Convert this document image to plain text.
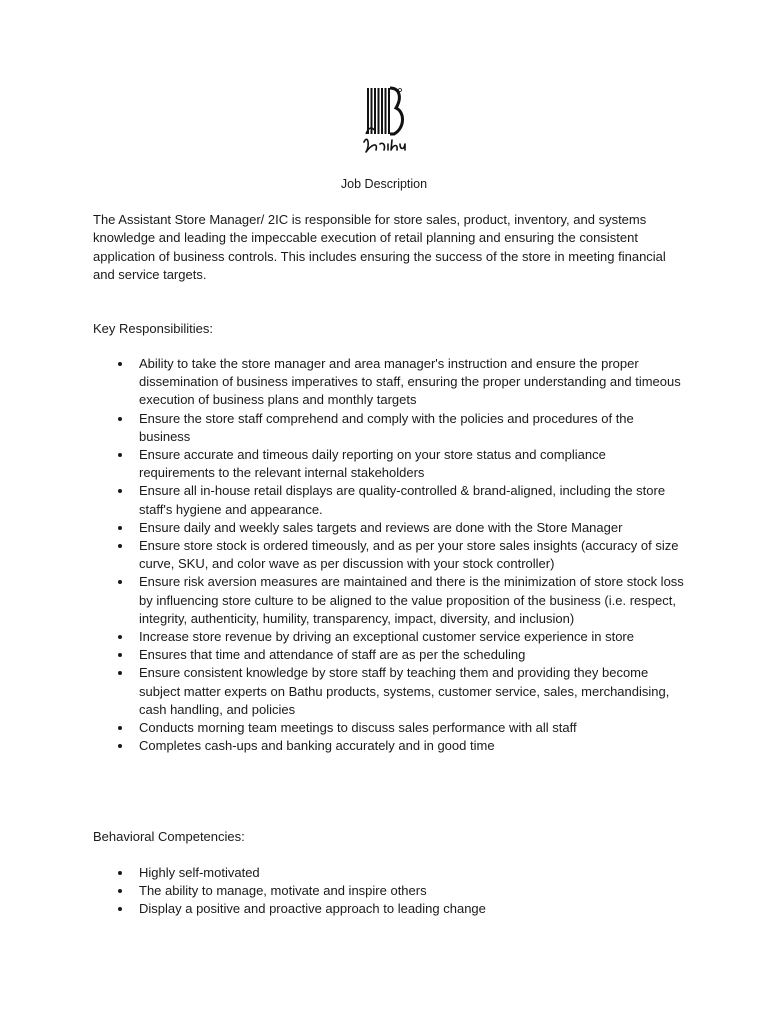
Job Description

The Assistant Store Manager/ 2IC is responsible for store sales, product, inventory, and systems knowledge and leading the impeccable execution of retail planning and ensuring the consistent application of business controls. This includes ensuring the success of the store in meeting financial and service targets.

Key Responsibilities:
Ability to take the store manager and area manager's instruction and ensure the proper dissemination of business imperatives to staff, ensuring the proper understanding and timeous execution of business plans and monthly targets
Ensure the store staff comprehend and comply with the policies and procedures of the business
Ensure accurate and timeous daily reporting on your store status and compliance requirements to the relevant internal stakeholders
Ensure all in-house retail displays are quality-controlled & brand-aligned, including the store staff's hygiene and appearance.
Ensure daily and weekly sales targets and reviews are done with the Store Manager
Ensure store stock is ordered timeously, and as per your store sales insights (accuracy of size curve, SKU, and color wave as per discussion with your stock controller)
Ensure risk aversion measures are maintained and there is the minimization of store stock loss by influencing store culture to be aligned to the value proposition of the business (i.e. respect, integrity, authenticity, humility, transparency, impact, diversity, and inclusion)
Increase store revenue by driving an exceptional customer service experience in store
Ensures that time and attendance of staff are as per the scheduling
Ensure consistent knowledge by store staff by teaching them and providing they become subject matter experts on Bathu products, systems, customer service, sales, merchandising, cash handling, and policies
Conducts morning team meetings to discuss sales performance with all staff
Completes cash-ups and banking accurately and in good time
Behavioral Competencies:
Highly self-motivated
The ability to manage, motivate and inspire others
Display a positive and proactive approach to leading change
